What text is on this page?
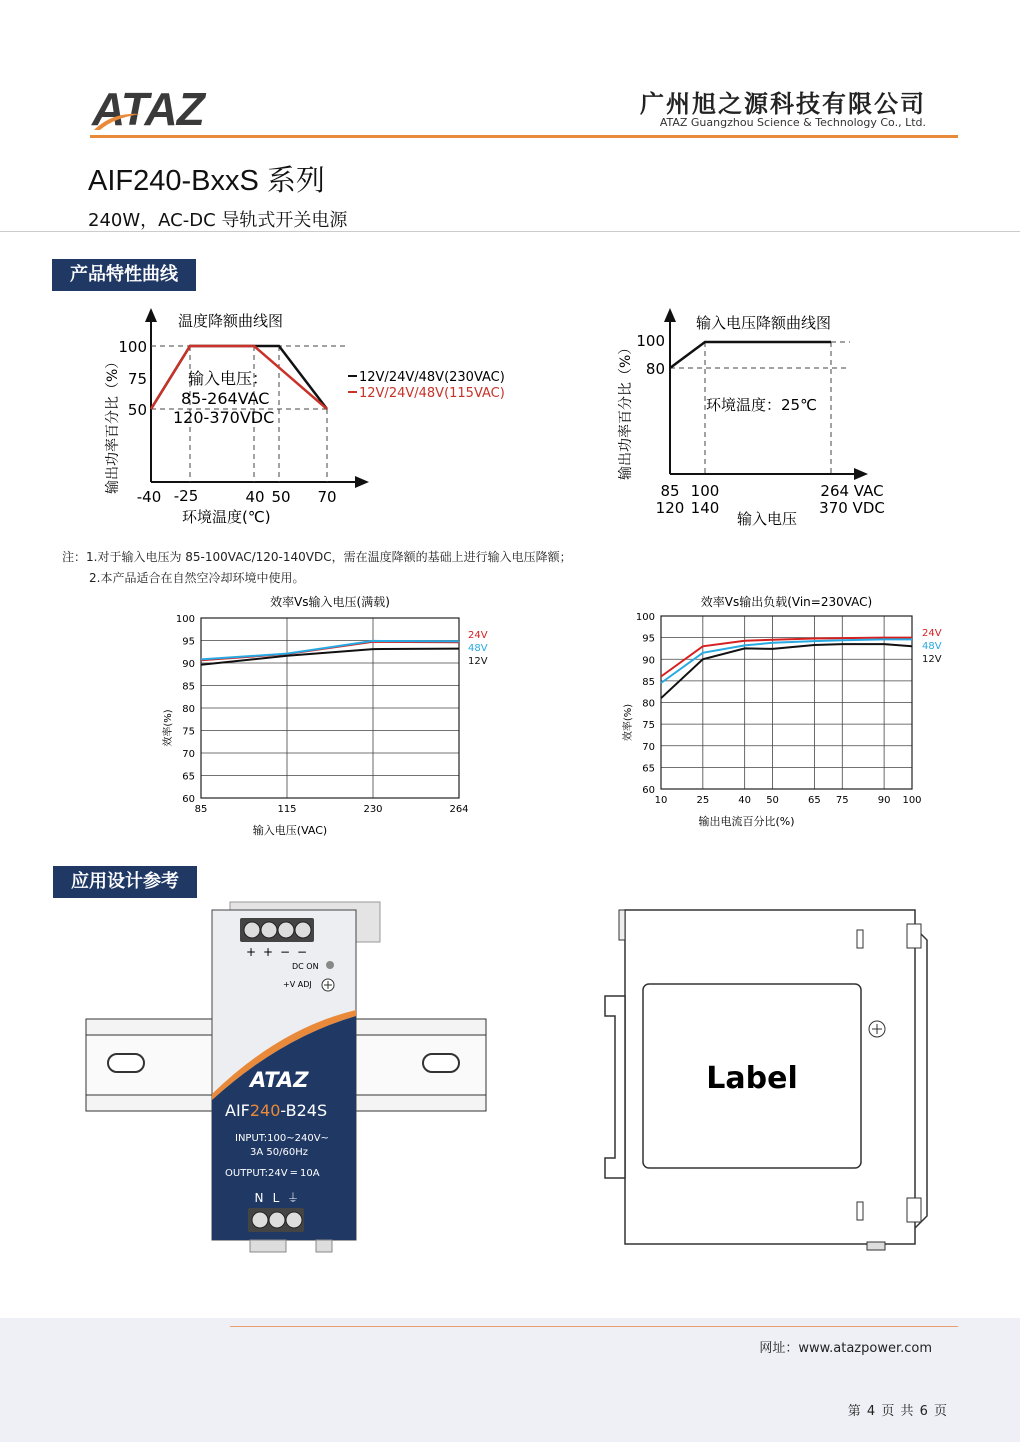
ATAZ	广州旭之源科技有限公司
ATAZ Guangzhou Science & Technology Co., Ltd.
AIF240-BxxS 系列
240W，AC-DC 导轨式开关电源
产品特性曲线
温度降额曲线图
输出功率百分比（%）
100
75
50
输入电压：
85-264VAC
120-370VDC
12V/24V/48V(230VAC)
12V/24V/48V(115VAC)
-40 -25	40 50 70
环境温度(℃)
输入电压降额曲线图
输出功率百分比（%） 100
80
环境温度：25℃
85 100	264 VAC
120 140	370 VDC
输入电压
注：1.对于输入电压为 85-100VAC/120-140VDC，需在温度降额的基础上进行输入电压降额；
2.本产品适合在自然空冷却环境中使用。
效率Vs输入电压(满载)
100
95
90
85
80
75
70
65
60
85	115	230	264
24V
48V
12V
输入电压(VAC)
效率(%)
效率Vs输出负载(Vin=230VAC)
100
95
90
85
80
75
70
65
60
10	25	40 50	65 75	90 100
24V
48V
12V
输出电流百分比(%)
效率(%)
应用设计参考
+ + − −
DC ON
+V ADJ
ATAZ
AIF240-B24S
INPUT:100~240V~
3A 50/60Hz
OUTPUT:24V ═ 10A
N L ⏚
Label
网址：www.atazpower.com
第 4 页 共 6 页
